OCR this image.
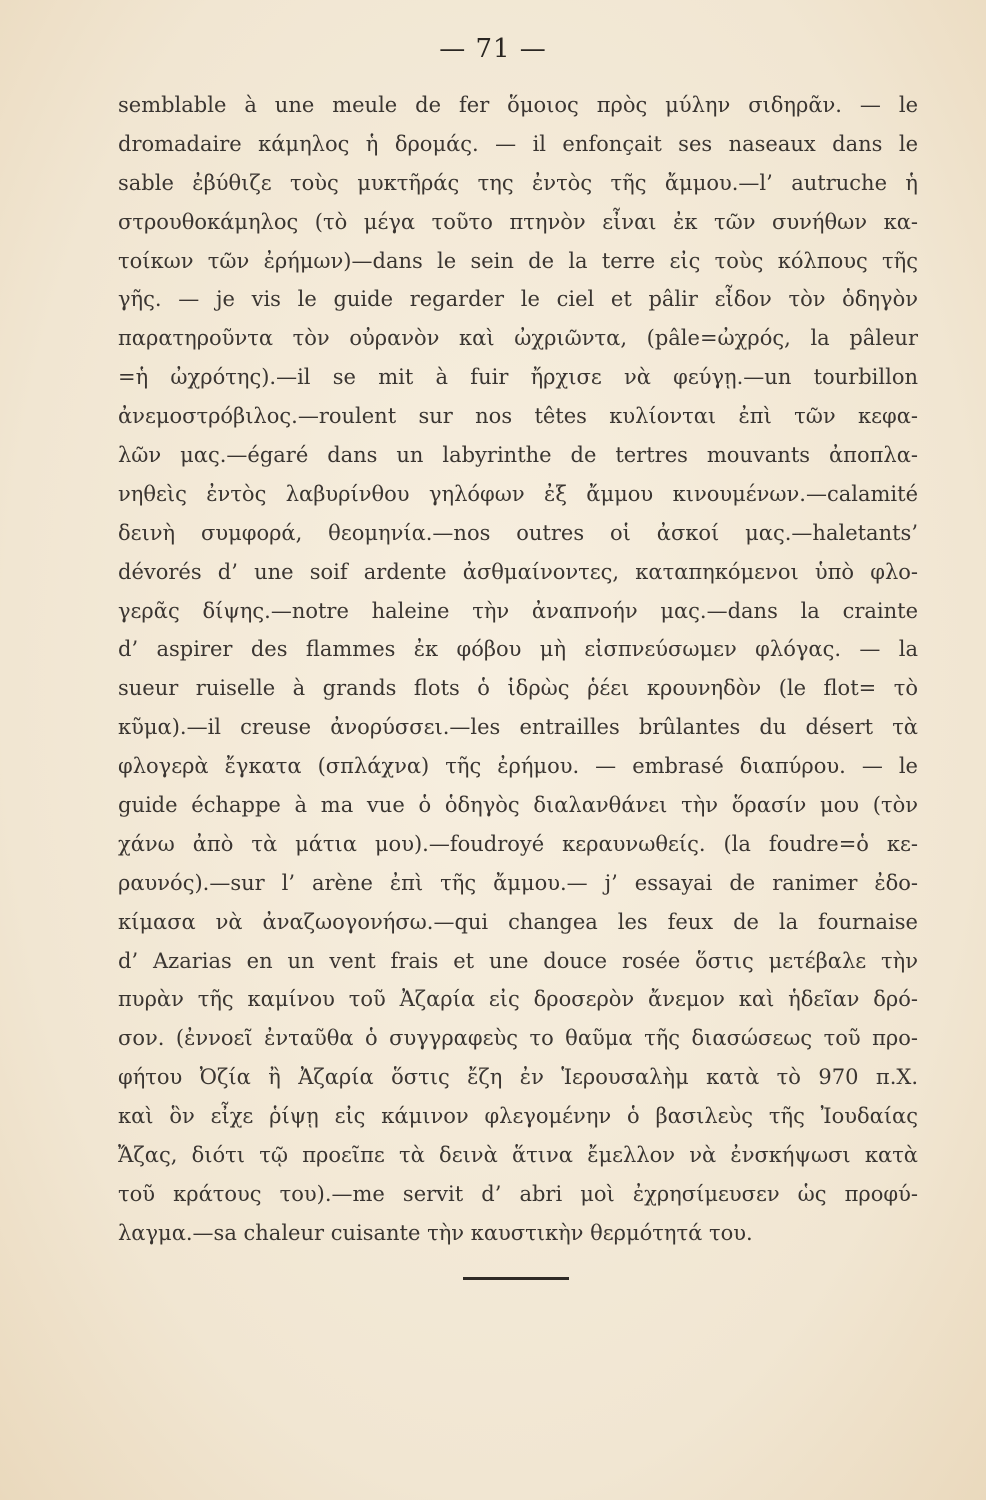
— 71 —
semblable à une meule de fer ὅμοιος πρὸς μύλην σιδηρᾶν. — le
dromadaire κάμηλος ἡ δρομάς. — il enfonçait ses naseaux dans le
sable ἐβύθιζε τοὺς μυκτῆράς της ἐντὸς τῆς ἄμμου.—l’ autruche ἡ
στρουθοκάμηλος (τὸ μέγα τοῦτο πτηνὸν εἶναι ἐκ τῶν συνήθων κα-
τοίκων τῶν ἐρήμων)—dans le sein de la terre εἰς τοὺς κόλπους τῆς
γῆς. — je vis le guide regarder le ciel et pâlir εἶδον τὸν ὁδηγὸν
παρατηροῦντα τὸν οὐρανὸν καὶ ὠχριῶντα, (pâle=ὠχρός, la pâleur
=ἡ ὠχρότης).—il se mit à fuir ἤρχισε νὰ φεύγῃ.—un tourbillon
ἀνεμοστρόβιλος.—roulent sur nos têtes κυλίονται ἐπὶ τῶν κεφα-
λῶν μας.—égaré dans un labyrinthe de tertres mouvants ἀποπλα-
νηθεὶς ἐντὸς λαβυρίνθου γηλόφων ἐξ ἄμμου κινουμένων.—calamité
δεινὴ συμφορά, θεομηνία.—nos outres οἱ ἀσκοί μας.—haletants’
dévorés d’ une soif ardente ἀσθμαίνοντες, καταπηκόμενοι ὑπὸ φλο-
γερᾶς δίψης.—notre haleine τὴν ἀναπνοήν μας.—dans la crainte
d’ aspirer des flammes ἐκ φόβου μὴ εἰσπνεύσωμεν φλόγας. — la
sueur ruiselle à grands flots ὁ ἱδρὼς ῥέει κρουνηδὸν (le flot= τὸ
κῦμα).—il creuse ἀνορύσσει.—les entrailles brûlantes du désert τὰ
φλογερὰ ἔγκατα (σπλάχνα) τῆς ἐρήμου. — embrasé διαπύρου. — le
guide échappe à ma vue ὁ ὁδηγὸς διαλανθάνει τὴν ὅρασίν μου (τὸν
χάνω ἀπὸ τὰ μάτια μου).—foudroyé κεραυνωθείς. (la foudre=ὁ κε-
ραυνός).—sur l’ arène ἐπὶ τῆς ἄμμου.— j’ essayai de ranimer ἐδο-
κίμασα νὰ ἀναζωογονήσω.—qui changea les feux de la fournaise
d’ Azarias en un vent frais et une douce rosée ὅστις μετέβαλε τὴν
πυρὰν τῆς καμίνου τοῦ Ἀζαρία εἰς δροσερὸν ἄνεμον καὶ ἡδεῖαν δρό-
σον. (ἐννοεῖ ἐνταῦθα ὁ συγγραφεὺς το θαῦμα τῆς διασώσεως τοῦ προ-
φήτου Ὀζία ἢ Ἀζαρία ὅστις ἔζη ἐν Ἱερουσαλὴμ κατὰ τὸ 970 π.Χ.
καὶ ὃν εἶχε ῥίψῃ εἰς κάμινον φλεγομένην ὁ βασιλεὺς τῆς Ἰουδαίας
Ἄζας, διότι τῷ προεῖπε τὰ δεινὰ ἅτινα ἔμελλον νὰ ἐνσκήψωσι κατὰ
τοῦ κράτους του).—me servit d’ abri μοὶ ἐχρησίμευσεν ὡς προφύ-
λαγμα.—sa chaleur cuisante τὴν καυστικὴν θερμότητά του.
